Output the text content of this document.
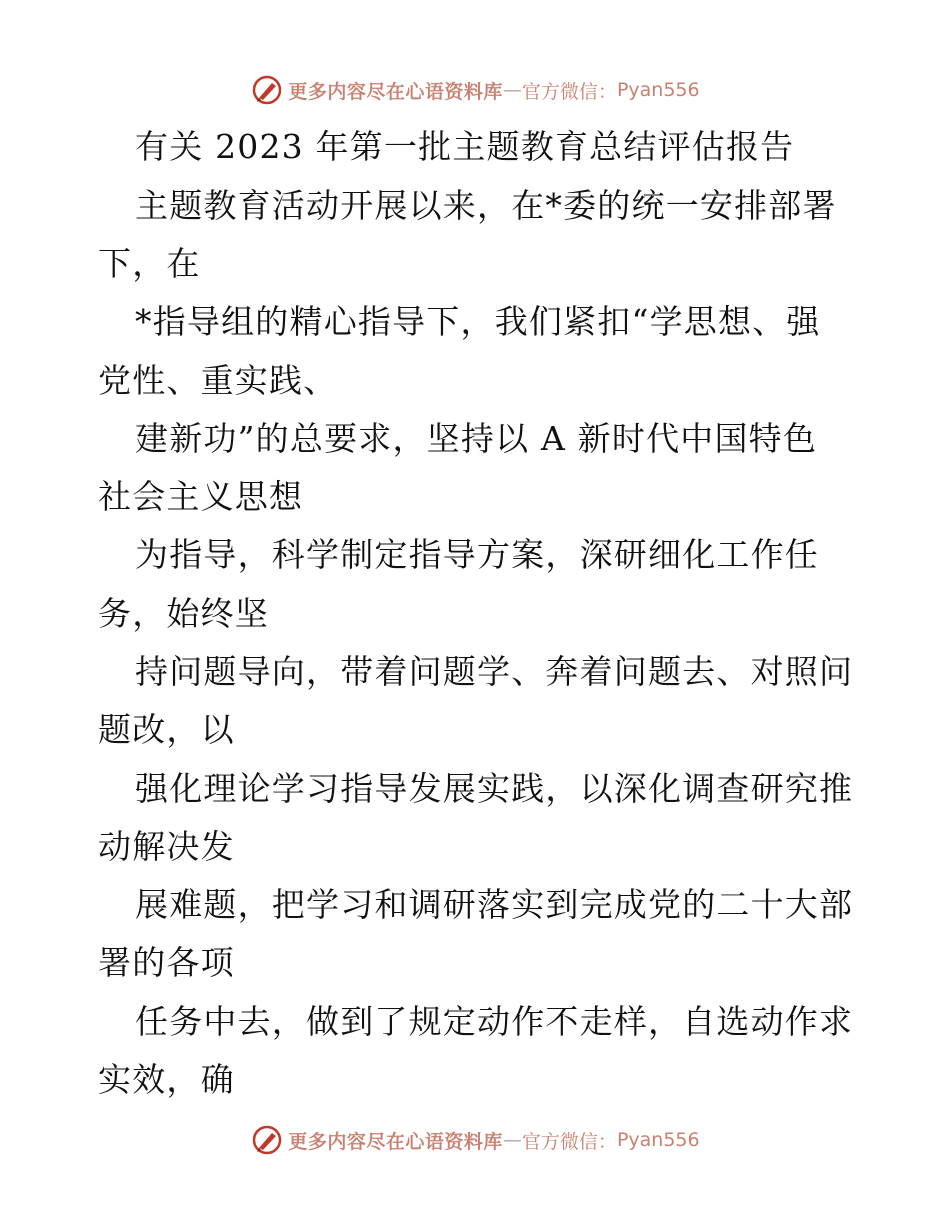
更多内容尽在心语资料库 — 官方微信： Pyan556
有关 2023 年第一批主题教育总结评估报告
主题教育活动开展以来，在*委的统一安排部署
下，在
*指导组的精心指导下，我们紧扣“学思想、强
党性、重实践、
建新功”的总要求，坚持以 A 新时代中国特色
社会主义思想
为指导，科学制定指导方案，深研细化工作任
务，始终坚
持问题导向，带着问题学、奔着问题去、对照问
题改，以
强化理论学习指导发展实践，以深化调查研究推
动解决发
展难题，把学习和调研落实到完成党的二十大部
署的各项
任务中去，做到了规定动作不走样，自选动作求
实效，确
更多内容尽在心语资料库 — 官方微信： Pyan556
